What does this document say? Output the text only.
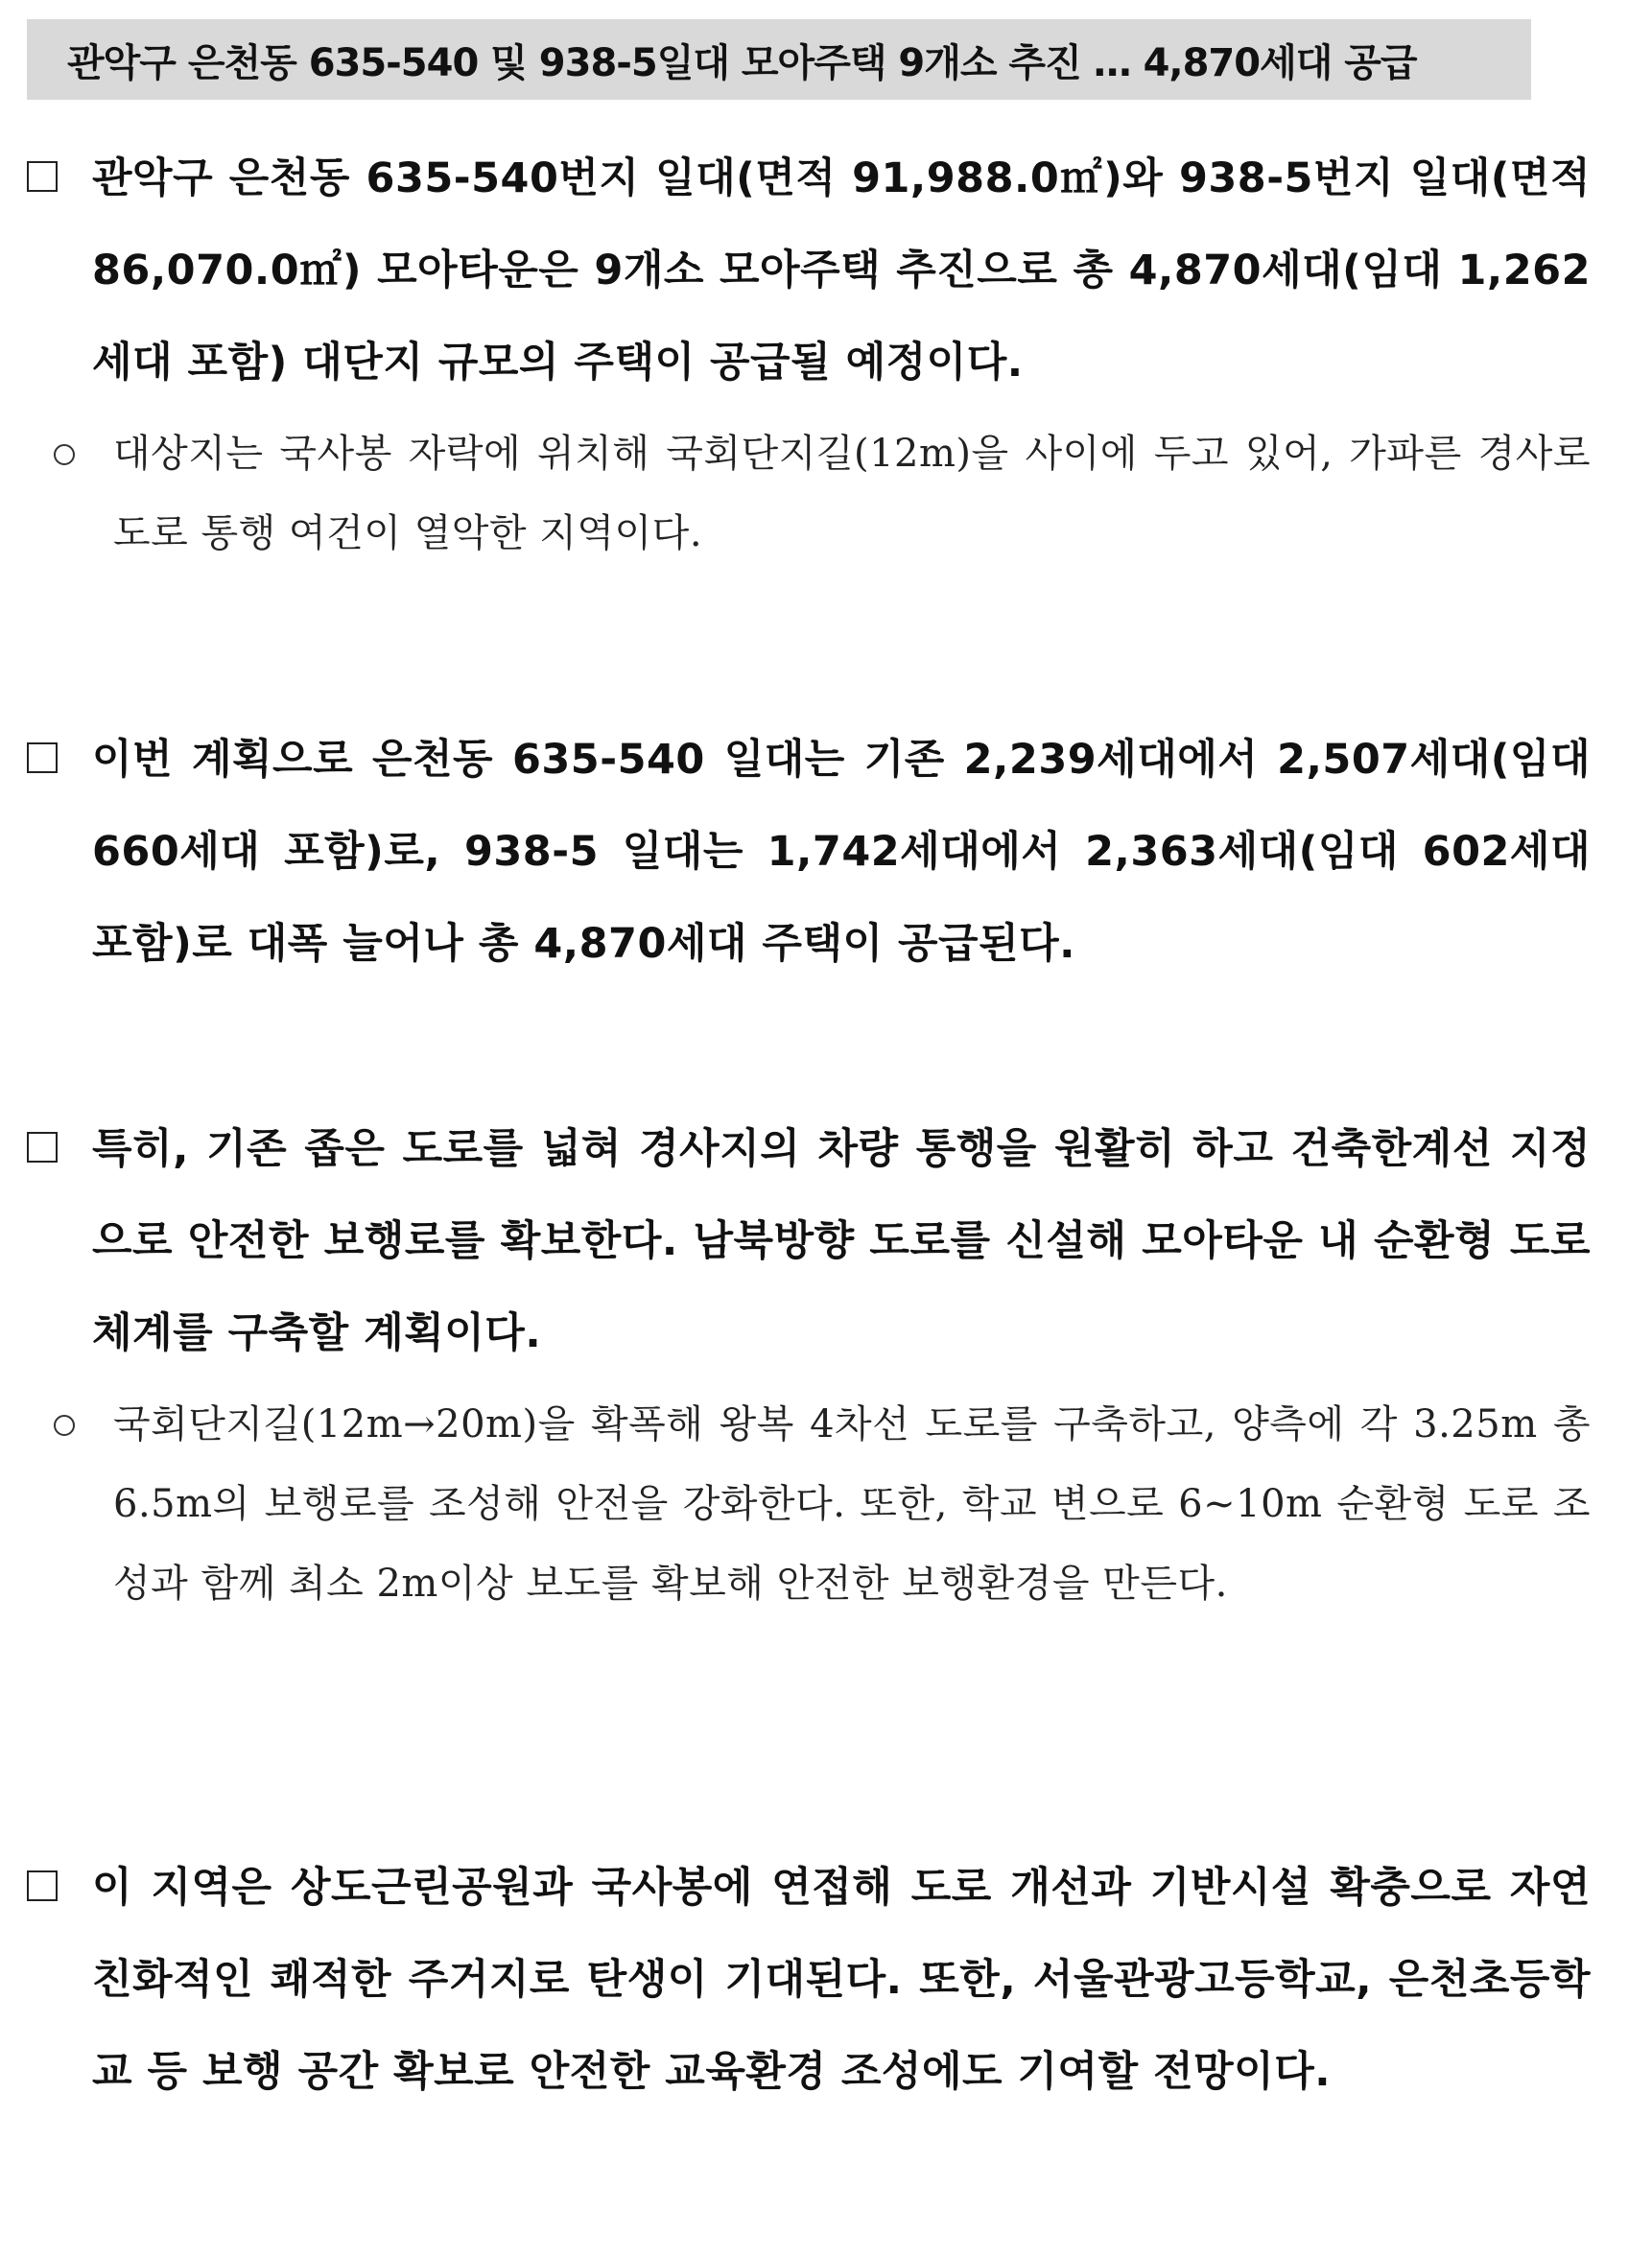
관악구 은천동 635-540 및 938-5일대 모아주택 9개소 추진 … 4,870세대 공급
관악구 은천동 635-540번지 일대(면적 91,988.0㎡)와 938-5번지 일대(면적 86,070.0㎡) 모아타운은 9개소 모아주택 추진으로 총 4,870세대(임대 1,262세대 포함) 대단지 규모의 주택이 공급될 예정이다.
대상지는 국사봉 자락에 위치해 국회단지길(12m)을 사이에 두고 있어, 가파른 경사로 도로 통행 여건이 열악한 지역이다.
이번 계획으로 은천동 635-540 일대는 기존 2,239세대에서 2,507세대(임대 660세대 포함)로, 938-5 일대는 1,742세대에서 2,363세대(임대 602세대 포함)로 대폭 늘어나 총 4,870세대 주택이 공급된다.
특히, 기존 좁은 도로를 넓혀 경사지의 차량 통행을 원활히 하고 건축한계선 지정으로 안전한 보행로를 확보한다. 남북방향 도로를 신설해 모아타운 내 순환형 도로체계를 구축할 계획이다.
국회단지길(12m→20m)을 확폭해 왕복 4차선 도로를 구축하고, 양측에 각 3.25m 총 6.5m의 보행로를 조성해 안전을 강화한다. 또한, 학교 변으로 6~10m 순환형 도로 조성과 함께 최소 2m이상 보도를 확보해 안전한 보행환경을 만든다.
이 지역은 상도근린공원과 국사봉에 연접해 도로 개선과 기반시설 확충으로 자연 친화적인 쾌적한 주거지로 탄생이 기대된다. 또한, 서울관광고등학교, 은천초등학교 등 보행 공간 확보로 안전한 교육환경 조성에도 기여할 전망이다.
